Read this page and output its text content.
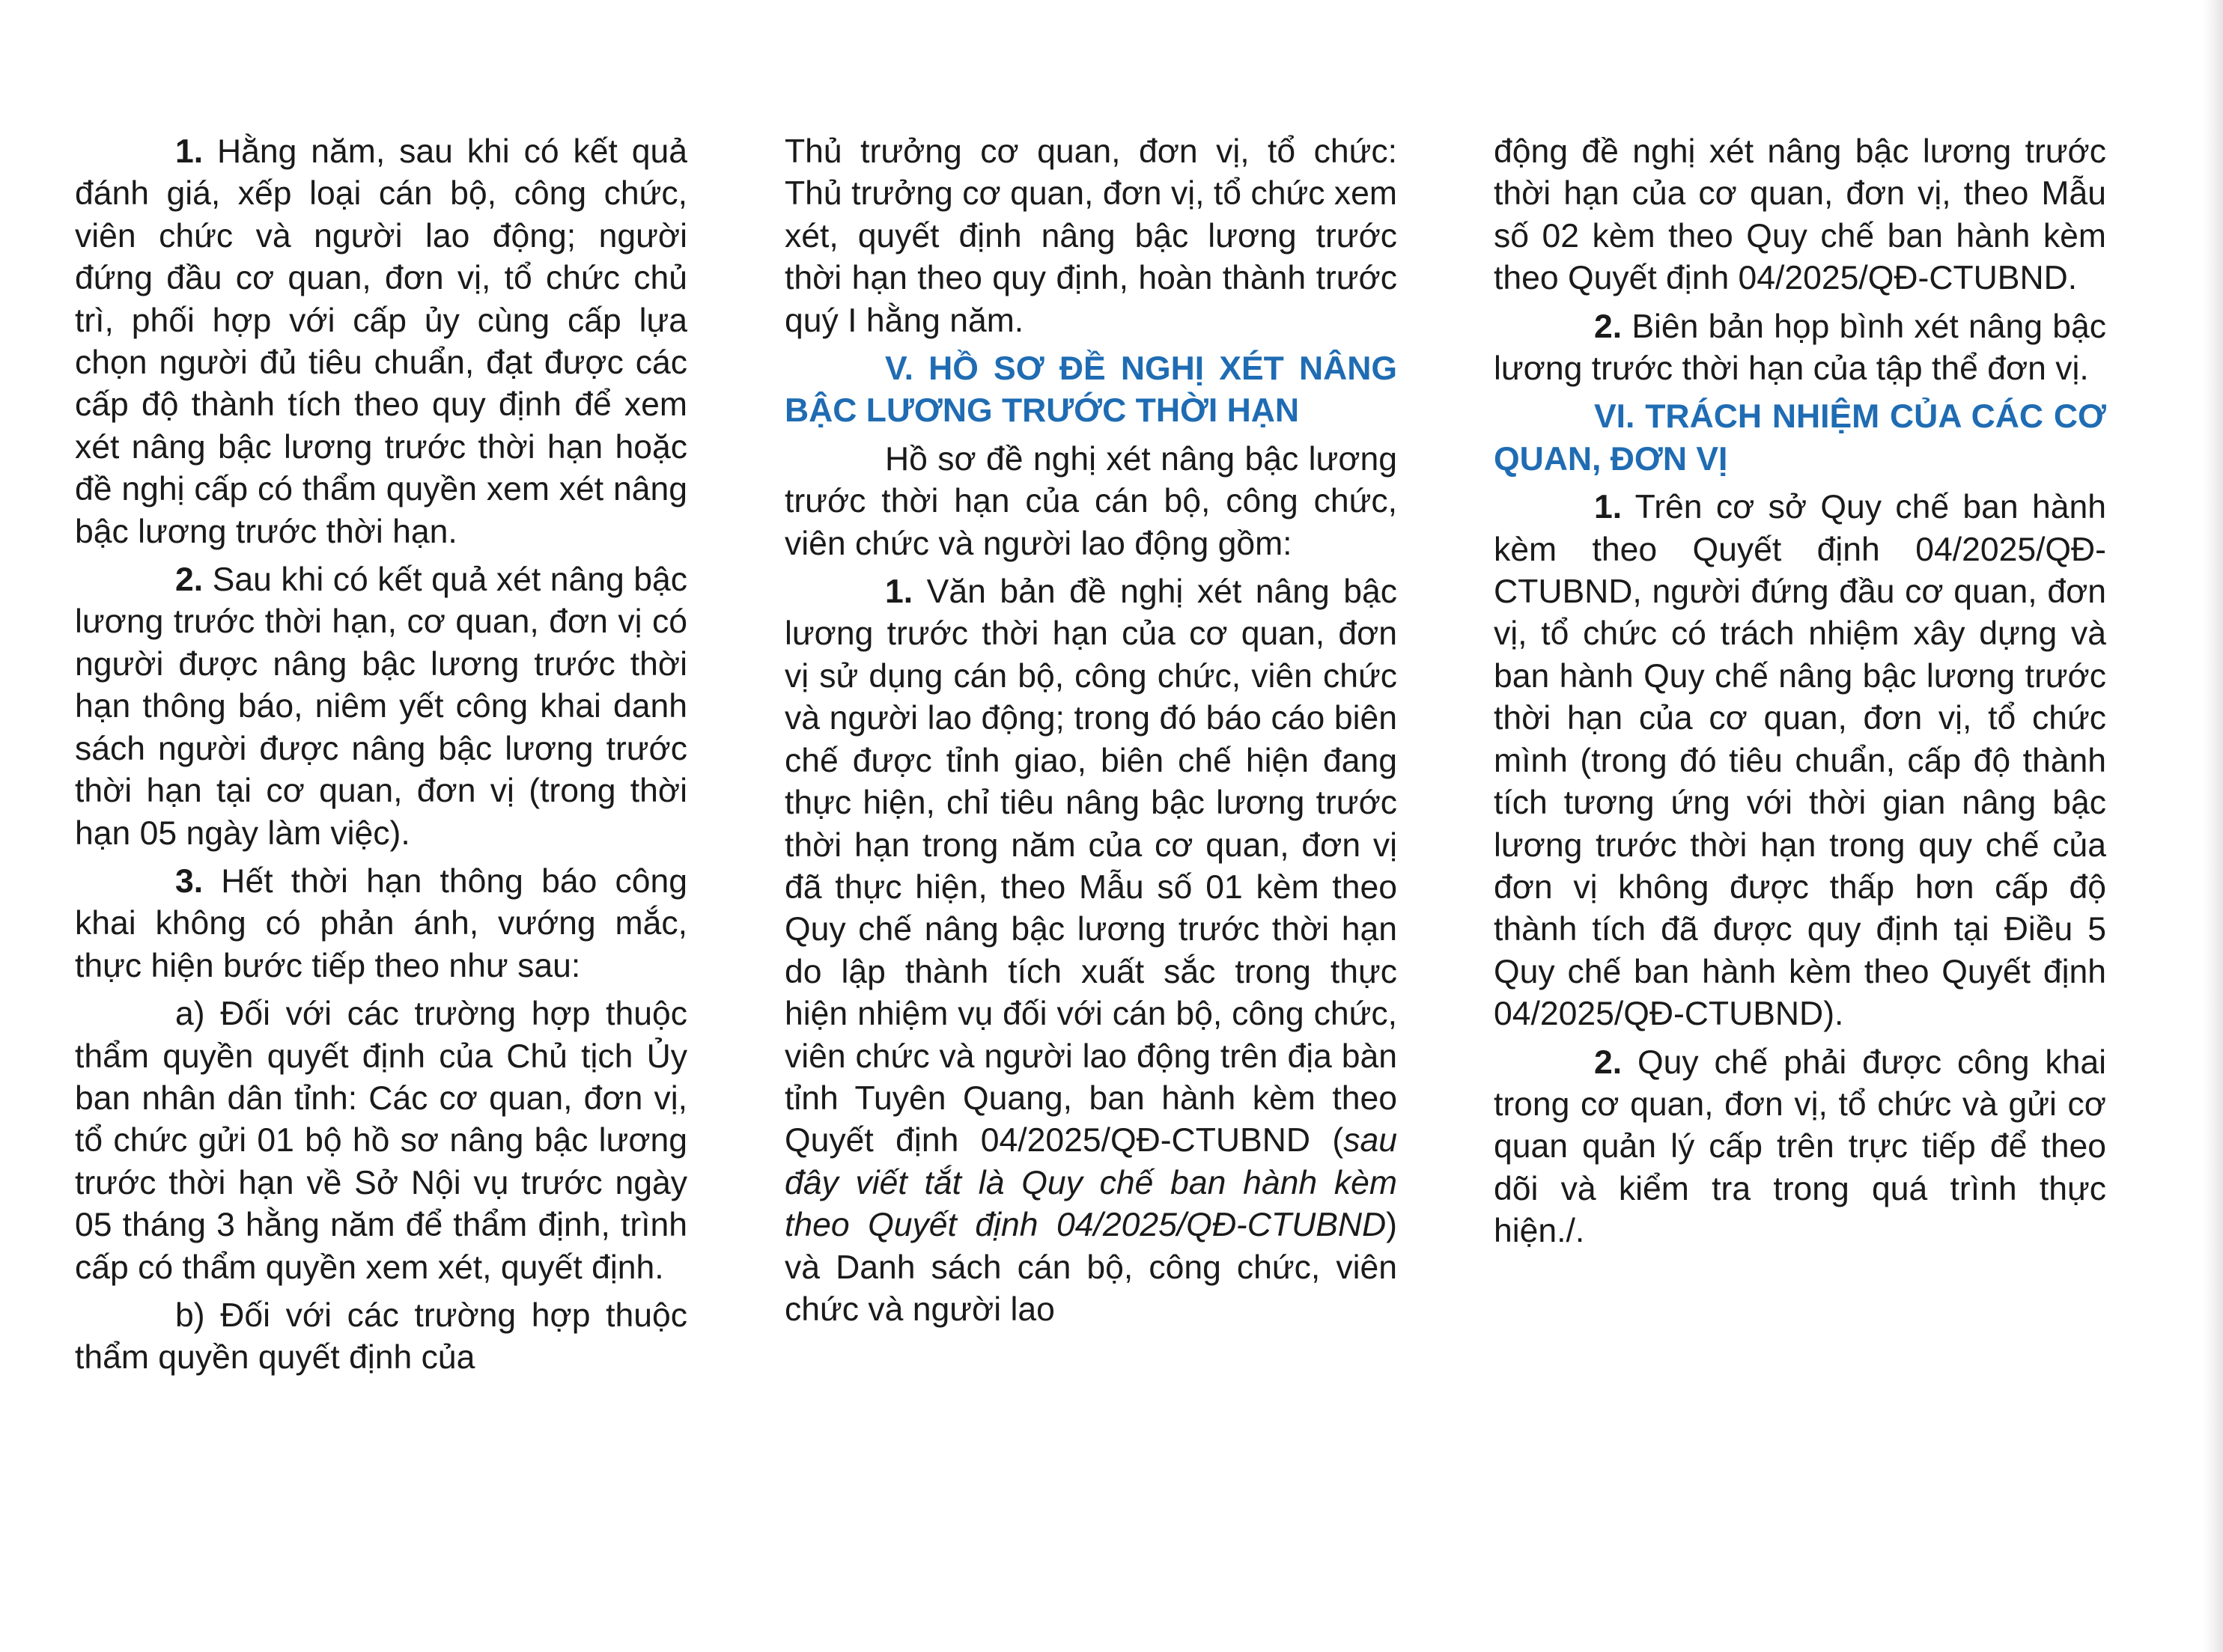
1. Hằng năm, sau khi có kết quả đánh giá, xếp loại cán bộ, công chức, viên chức và người lao động; người đứng đầu cơ quan, đơn vị, tổ chức chủ trì, phối hợp với cấp ủy cùng cấp lựa chọn người đủ tiêu chuẩn, đạt được các cấp độ thành tích theo quy định để xem xét nâng bậc lương trước thời hạn hoặc đề nghị cấp có thẩm quyền xem xét nâng bậc lương trước thời hạn.

2. Sau khi có kết quả xét nâng bậc lương trước thời hạn, cơ quan, đơn vị có người được nâng bậc lương trước thời hạn thông báo, niêm yết công khai danh sách người được nâng bậc lương trước thời hạn tại cơ quan, đơn vị (trong thời hạn 05 ngày làm việc).

3. Hết thời hạn thông báo công khai không có phản ánh, vướng mắc, thực hiện bước tiếp theo như sau:

a) Đối với các trường hợp thuộc thẩm quyền quyết định của Chủ tịch Ủy ban nhân dân tỉnh: Các cơ quan, đơn vị, tổ chức gửi 01 bộ hồ sơ nâng bậc lương trước thời hạn về Sở Nội vụ trước ngày 05 tháng 3 hằng năm để thẩm định, trình cấp có thẩm quyền xem xét, quyết định.

b) Đối với các trường hợp thuộc thẩm quyền quyết định của

Thủ trưởng cơ quan, đơn vị, tổ chức: Thủ trưởng cơ quan, đơn vị, tổ chức xem xét, quyết định nâng bậc lương trước thời hạn theo quy định, hoàn thành trước quý I hằng năm.

V. HỒ SƠ ĐỀ NGHỊ XÉT NÂNG BẬC LƯƠNG TRƯỚC THỜI HẠN

Hồ sơ đề nghị xét nâng bậc lương trước thời hạn của cán bộ, công chức, viên chức và người lao động gồm:

1. Văn bản đề nghị xét nâng bậc lương trước thời hạn của cơ quan, đơn vị sử dụng cán bộ, công chức, viên chức và người lao động; trong đó báo cáo biên chế được tỉnh giao, biên chế hiện đang thực hiện, chỉ tiêu nâng bậc lương trước thời hạn trong năm của cơ quan, đơn vị đã thực hiện, theo Mẫu số 01 kèm theo Quy chế nâng bậc lương trước thời hạn do lập thành tích xuất sắc trong thực hiện nhiệm vụ đối với cán bộ, công chức, viên chức và người lao động trên địa bàn tỉnh Tuyên Quang, ban hành kèm theo Quyết định 04/2025/QĐ-CTUBND (sau đây viết tắt là Quy chế ban hành kèm theo Quyết định 04/2025/QĐ-CTUBND) và Danh sách cán bộ, công chức, viên chức và người lao

động đề nghị xét nâng bậc lương trước thời hạn của cơ quan, đơn vị, theo Mẫu số 02 kèm theo Quy chế ban hành kèm theo Quyết định 04/2025/QĐ-CTUBND.

2. Biên bản họp bình xét nâng bậc lương trước thời hạn của tập thể đơn vị.

VI. TRÁCH NHIỆM CỦA CÁC CƠ QUAN, ĐƠN VỊ

1. Trên cơ sở Quy chế ban hành kèm theo Quyết định 04/2025/QĐ-CTUBND, người đứng đầu cơ quan, đơn vị, tổ chức có trách nhiệm xây dựng và ban hành Quy chế nâng bậc lương trước thời hạn của cơ quan, đơn vị, tổ chức mình (trong đó tiêu chuẩn, cấp độ thành tích tương ứng với thời gian nâng bậc lương trước thời hạn trong quy chế của đơn vị không được thấp hơn cấp độ thành tích đã được quy định tại Điều 5 Quy chế ban hành kèm theo Quyết định 04/2025/QĐ-CTUBND).

2. Quy chế phải được công khai trong cơ quan, đơn vị, tổ chức và gửi cơ quan quản lý cấp trên trực tiếp để theo dõi và kiểm tra trong quá trình thực hiện./.
